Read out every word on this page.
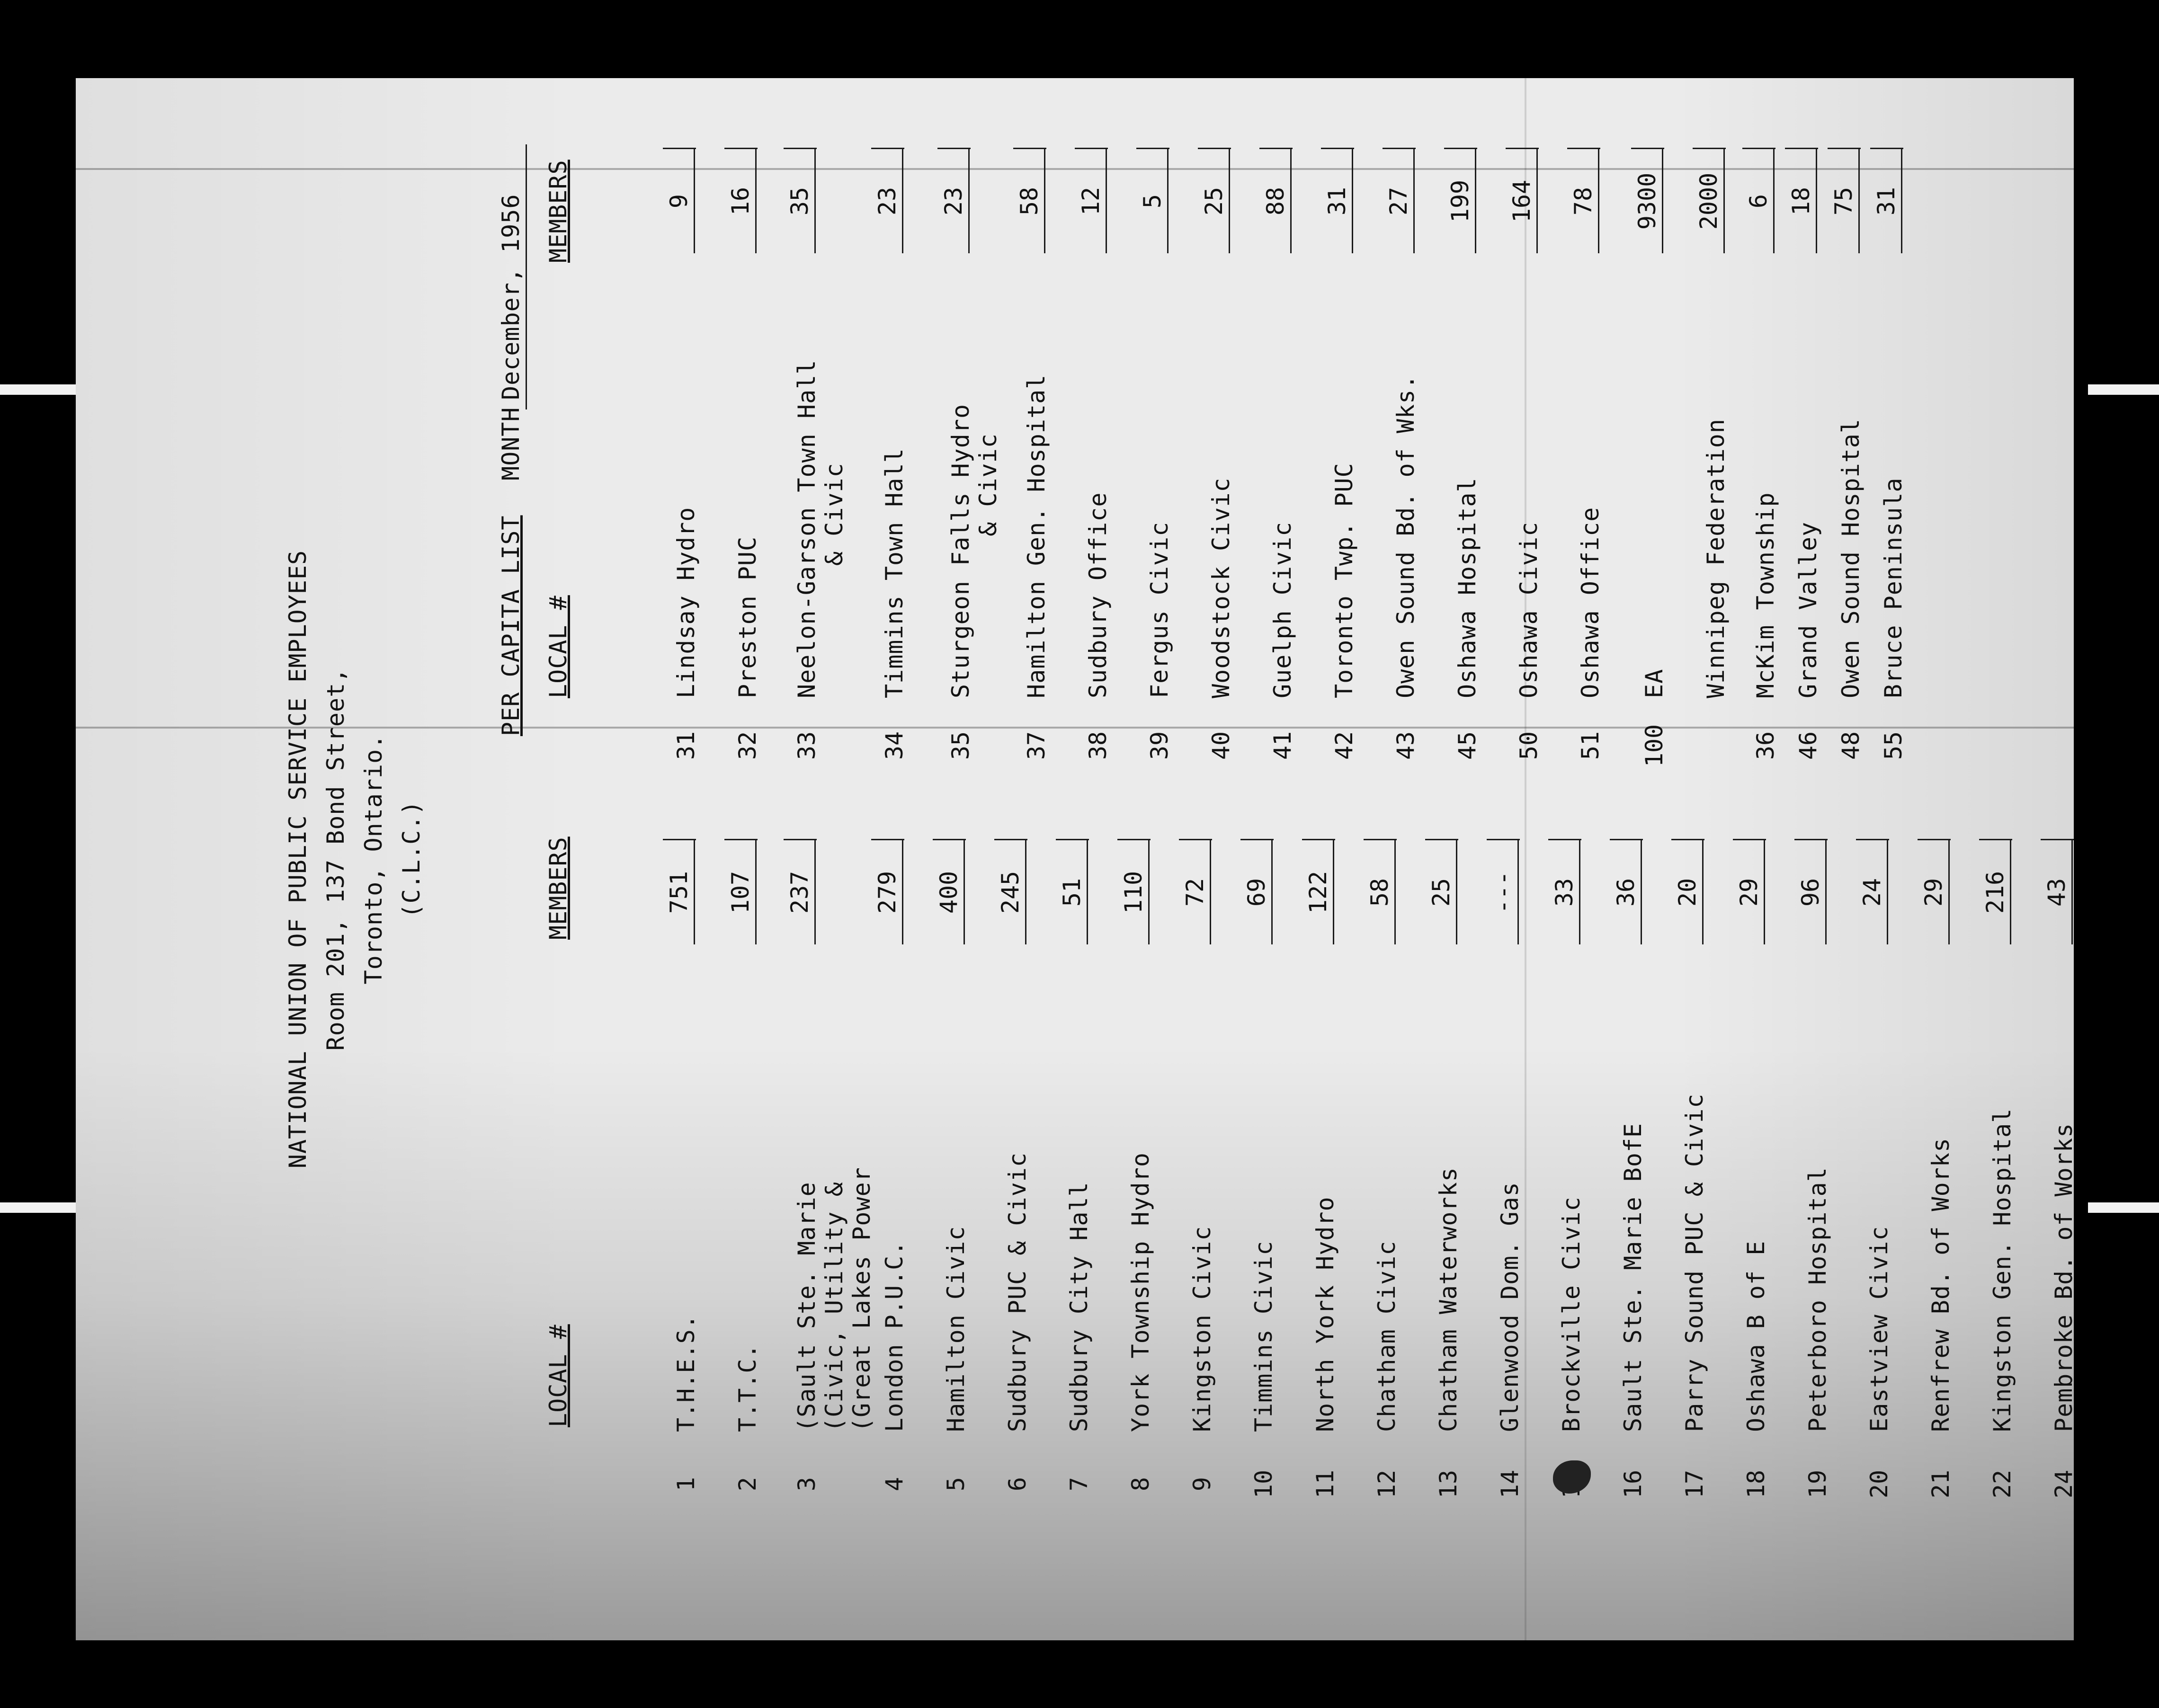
NATIONAL UNION OF PUBLIC SERVICE EMPLOYEES Room 201, 137 Bond Street, Toronto, Ontario. (C.L.C.)
PER CAPITA LIST
MONTH
December, 1956
LOCAL #
MEMBERS
LOCAL #
MEMBERS
1
T.H.E.S.
751
2
T.T.C.
107
3
(Sault Ste. Marie
(Civic, Utility &
(Great Lakes Power
237
4
London P.U.C.
279
5
Hamilton Civic
400
6
Sudbury PUC & Civic
245
7
Sudbury City Hall
51
8
York Township Hydro
110
9
Kingston Civic
72
10
Timmins Civic
69
11
North York Hydro
122
12
Chatham Civic
58
13
Chatham Waterworks
25
14
Glenwood Dom. Gas
---
Brockville Civic
33
16
Sault Ste. Marie BofE
36
17
Parry Sound PUC & Civic
20
18
Oshawa B of E
29
19
Peterboro Hospital
96
20
Eastview Civic
24
21
Renfrew Bd. of Works
29
22
Kingston Gen. Hospital
216
24
Pembroke Bd. of Works
43
31
Lindsay Hydro
9
32
Preston PUC
16
33
Neelon-Garson Town Hall
& Civic
35
34
Timmins Town Hall
23
35
Sturgeon Falls Hydro
& Civic
23
37
Hamilton Gen. Hospital
58
38
Sudbury Office
12
39
Fergus Civic
5
40
Woodstock Civic
25
41
Guelph Civic
88
42
Toronto Twp. PUC
31
43
Owen Sound Bd. of Wks.
27
45
Oshawa Hospital
199
50
Oshawa Civic
164
51
Oshawa Office
78
100
EA
9300
Winnipeg Federation
2000
36
McKim Township
6
46
Grand Valley
18
48
Owen Sound Hospital
75
55
Bruce Peninsula
31
